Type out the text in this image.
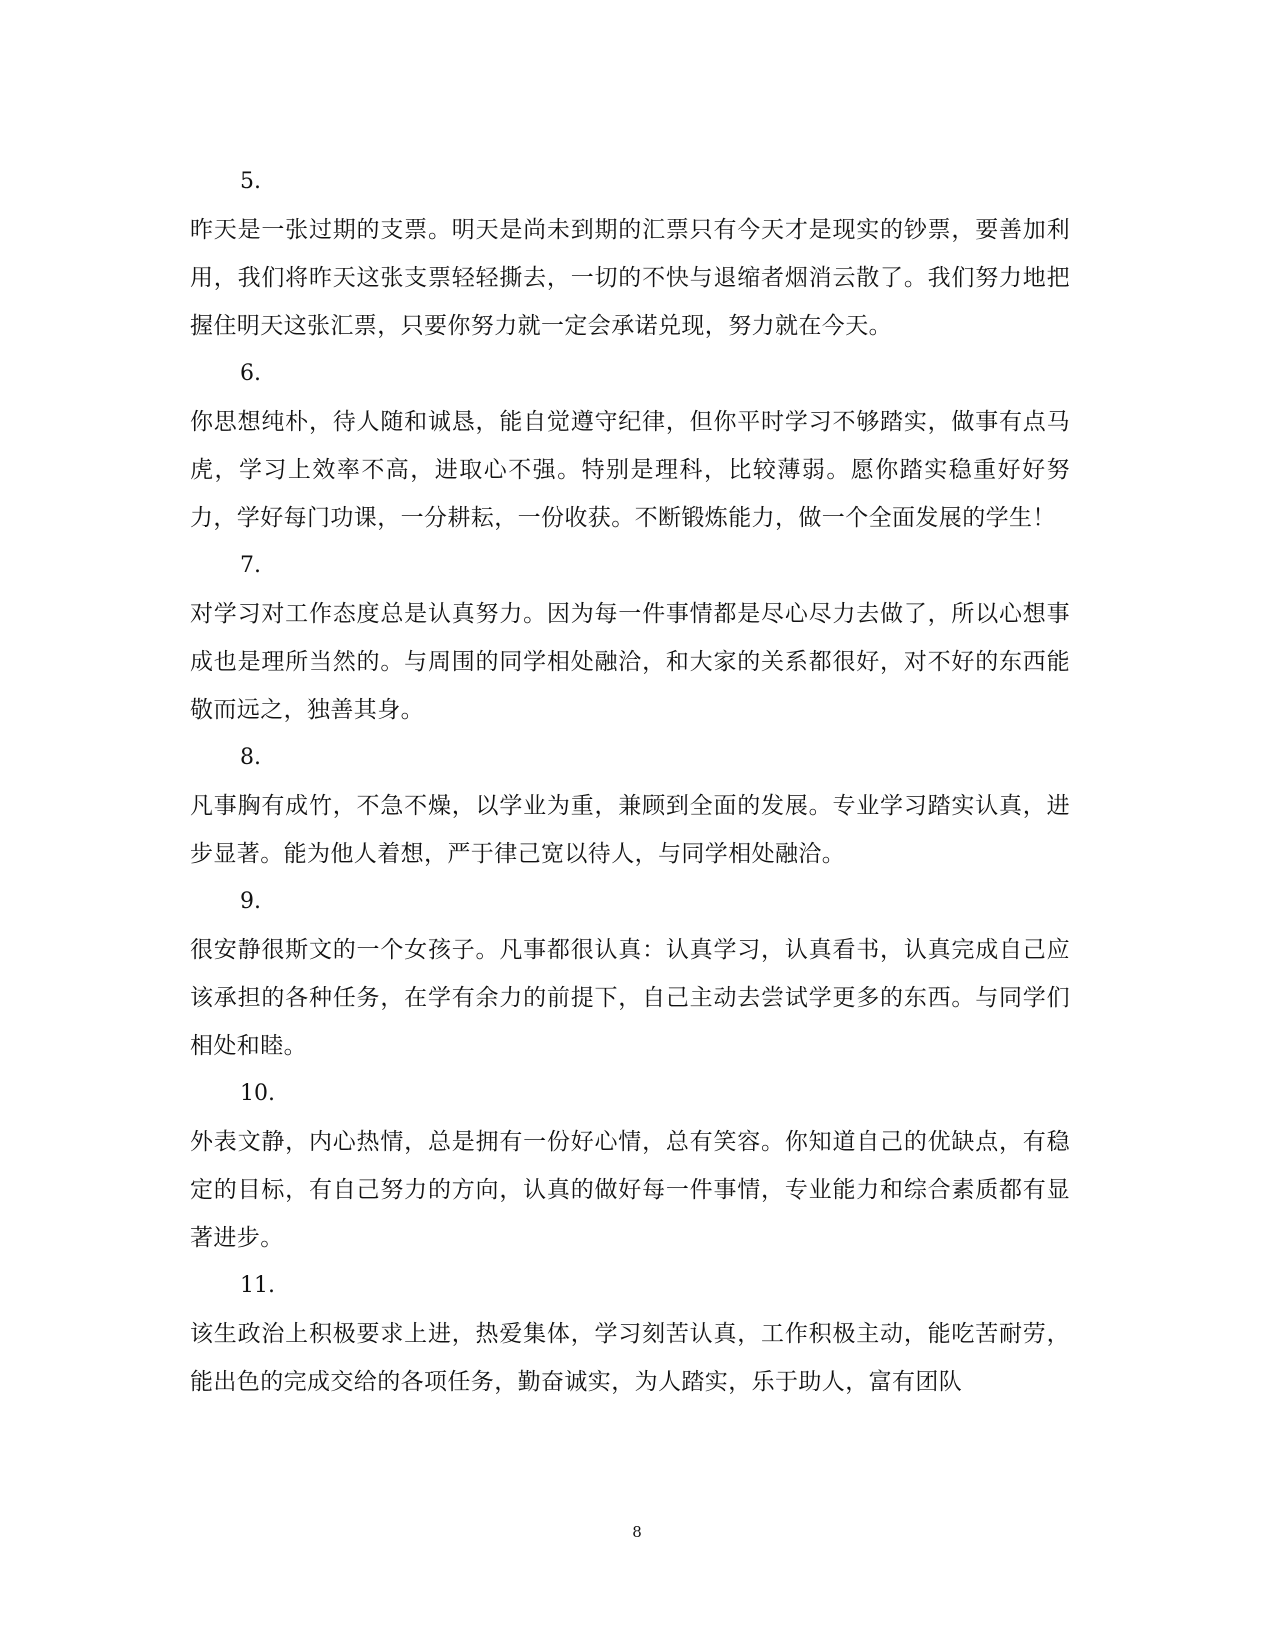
5.
昨天是一张过期的支票。明天是尚未到期的汇票只有今天才是现实的钞票，要善加利用，我们将昨天这张支票轻轻撕去，一切的不快与退缩者烟消云散了。我们努力地把握住明天这张汇票，只要你努力就一定会承诺兑现，努力就在今天。
6.
你思想纯朴，待人随和诚恳，能自觉遵守纪律，但你平时学习不够踏实，做事有点马虎，学习上效率不高，进取心不强。特别是理科，比较薄弱。愿你踏实稳重好好努力，学好每门功课，一分耕耘，一份收获。不断锻炼能力，做一个全面发展的学生！
7.
对学习对工作态度总是认真努力。因为每一件事情都是尽心尽力去做了，所以心想事成也是理所当然的。与周围的同学相处融洽，和大家的关系都很好，对不好的东西能敬而远之，独善其身。
8.
凡事胸有成竹，不急不燥，以学业为重，兼顾到全面的发展。专业学习踏实认真，进步显著。能为他人着想，严于律己宽以待人，与同学相处融洽。
9.
很安静很斯文的一个女孩子。凡事都很认真：认真学习，认真看书，认真完成自己应该承担的各种任务，在学有余力的前提下，自己主动去尝试学更多的东西。与同学们相处和睦。
10.
外表文静，内心热情，总是拥有一份好心情，总有笑容。你知道自己的优缺点，有稳定的目标，有自己努力的方向，认真的做好每一件事情，专业能力和综合素质都有显著进步。
11.
该生政治上积极要求上进，热爱集体，学习刻苦认真，工作积极主动，能吃苦耐劳，能出色的完成交给的各项任务，勤奋诚实，为人踏实，乐于助人，富有团队
8
